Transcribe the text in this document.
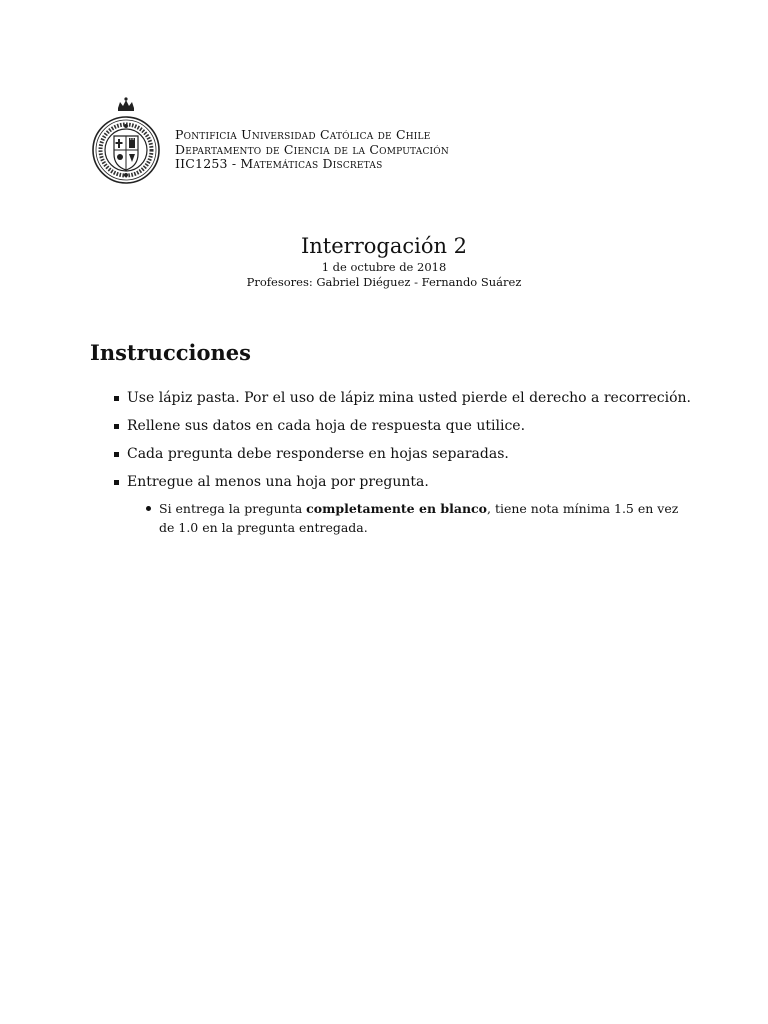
Pontificia Universidad Católica de Chile
Departamento de Ciencia de la Computación
IIC1253 - Matemáticas Discretas
Interrogación 2
1 de octubre de 2018
Profesores: Gabriel Diéguez - Fernando Suárez
Instrucciones
Use lápiz pasta. Por el uso de lápiz mina usted pierde el derecho a recorreción.
Rellene sus datos en cada hoja de respuesta que utilice.
Cada pregunta debe responderse en hojas separadas.
Entregue al menos una hoja por pregunta.
Si entrega la pregunta completamente en blanco, tiene nota mínima 1.5 en vez de 1.0 en la pregunta entregada.
